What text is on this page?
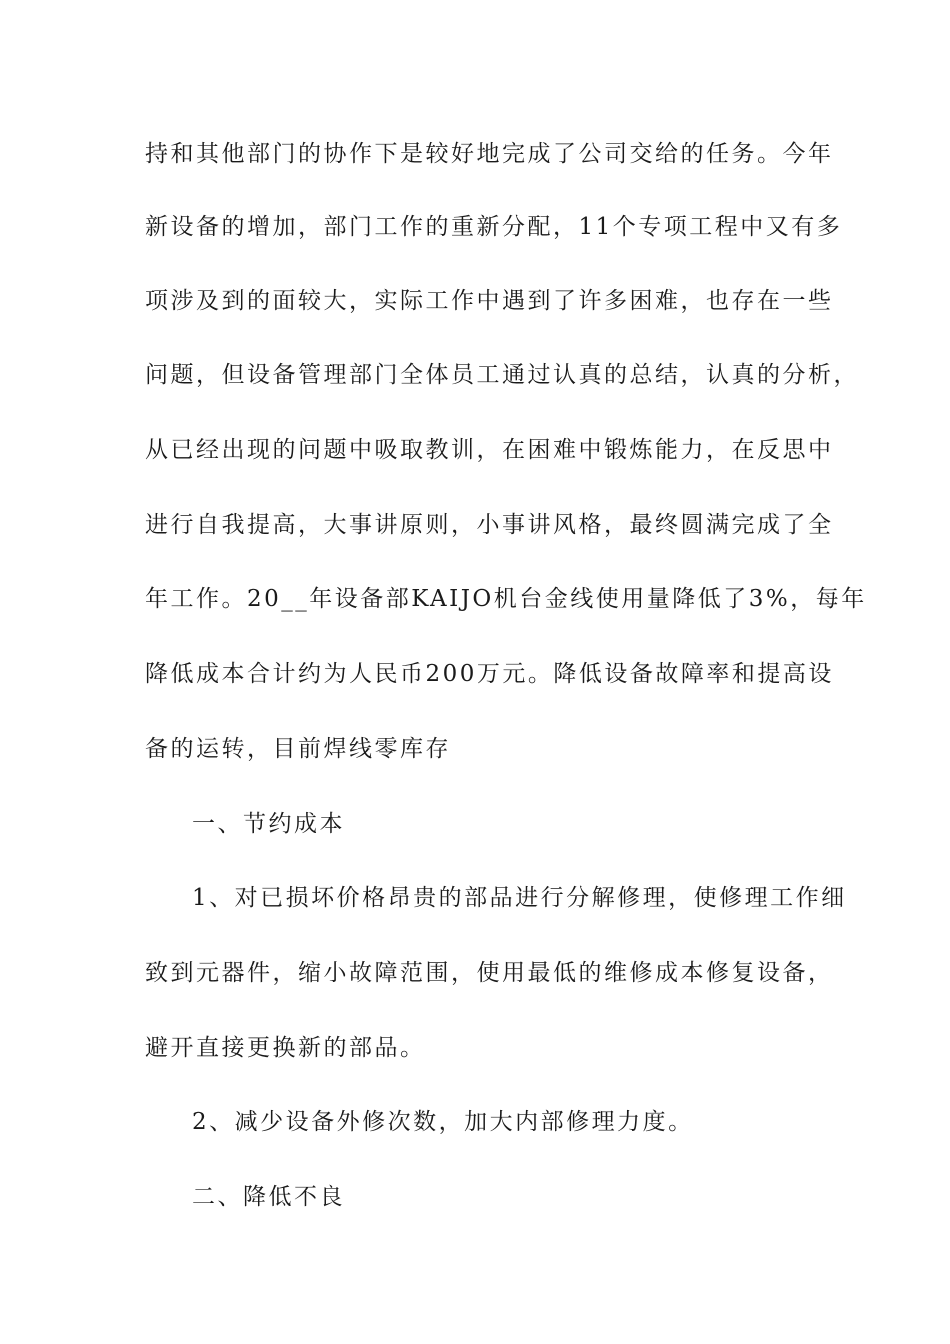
持和其他部门的协作下是较好地完成了公司交给的任务。今年
新设备的增加，部门工作的重新分配，11个专项工程中又有多
项涉及到的面较大，实际工作中遇到了许多困难，也存在一些
问题，但设备管理部门全体员工通过认真的总结，认真的分析，
从已经出现的问题中吸取教训，在困难中锻炼能力，在反思中
进行自我提高，大事讲原则，小事讲风格，最终圆满完成了全
年工作。20__年设备部KAIJO机台金线使用量降低了3%，每年
降低成本合计约为人民币200万元。降低设备故障率和提高设
备的运转，目前焊线零库存
一、节约成本
1、对已损坏价格昂贵的部品进行分解修理，使修理工作细
致到元器件，缩小故障范围，使用最低的维修成本修复设备，
避开直接更换新的部品。
2、减少设备外修次数，加大内部修理力度。
二、降低不良
